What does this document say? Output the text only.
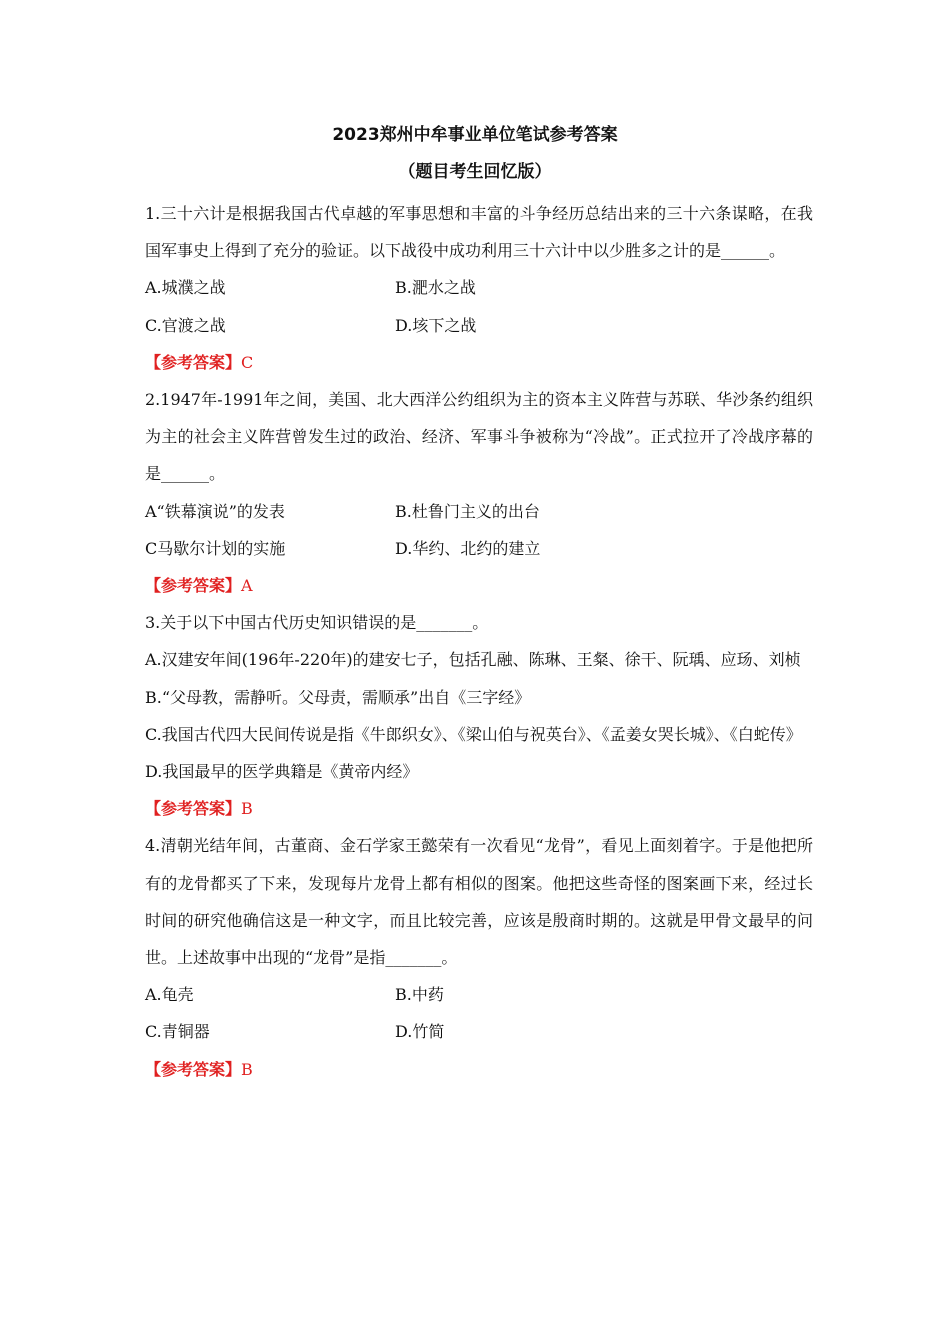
2023郑州中牟事业单位笔试参考答案
（题目考生回忆版）

1.三十六计是根据我国古代卓越的军事思想和丰富的斗争经历总结出来的三十六条谋略，在我国军事史上得到了充分的验证。以下战役中成功利用三十六计中以少胜多之计的是______。

A.城濮之战	B.淝水之战
C.官渡之战	D.垓下之战

【参考答案】C

2.1947年-1991年之间，美国、北大西洋公约组织为主的资本主义阵营与苏联、华沙条约组织为主的社会主义阵营曾发生过的政治、经济、军事斗争被称为“冷战”。正式拉开了冷战序幕的是______。

A“铁幕演说”的发表	B.杜鲁门主义的出台
C马歇尔计划的实施	D.华约、北约的建立

【参考答案】A

3.关于以下中国古代历史知识错误的是_______。

A.汉建安年间(196年-220年)的建安七子，包括孔融、陈琳、王粲、徐干、阮瑀、应玚、刘桢

B.“父母教，需静听。父母责，需顺承”出自《三字经》

C.我国古代四大民间传说是指《牛郎织女》、《梁山伯与祝英台》、《孟姜女哭长城》、《白蛇传》

D.我国最早的医学典籍是《黄帝内经》

【参考答案】B

4.清朝光结年间，古董商、金石学家王懿荣有一次看见“龙骨”，看见上面刻着字。于是他把所有的龙骨都买了下来，发现每片龙骨上都有相似的图案。他把这些奇怪的图案画下来，经过长时间的研究他确信这是一种文字，而且比较完善，应该是殷商时期的。这就是甲骨文最早的问世。上述故事中出现的“龙骨”是指_______。

A.龟壳	B.中药
C.青铜器	D.竹简

【参考答案】B
